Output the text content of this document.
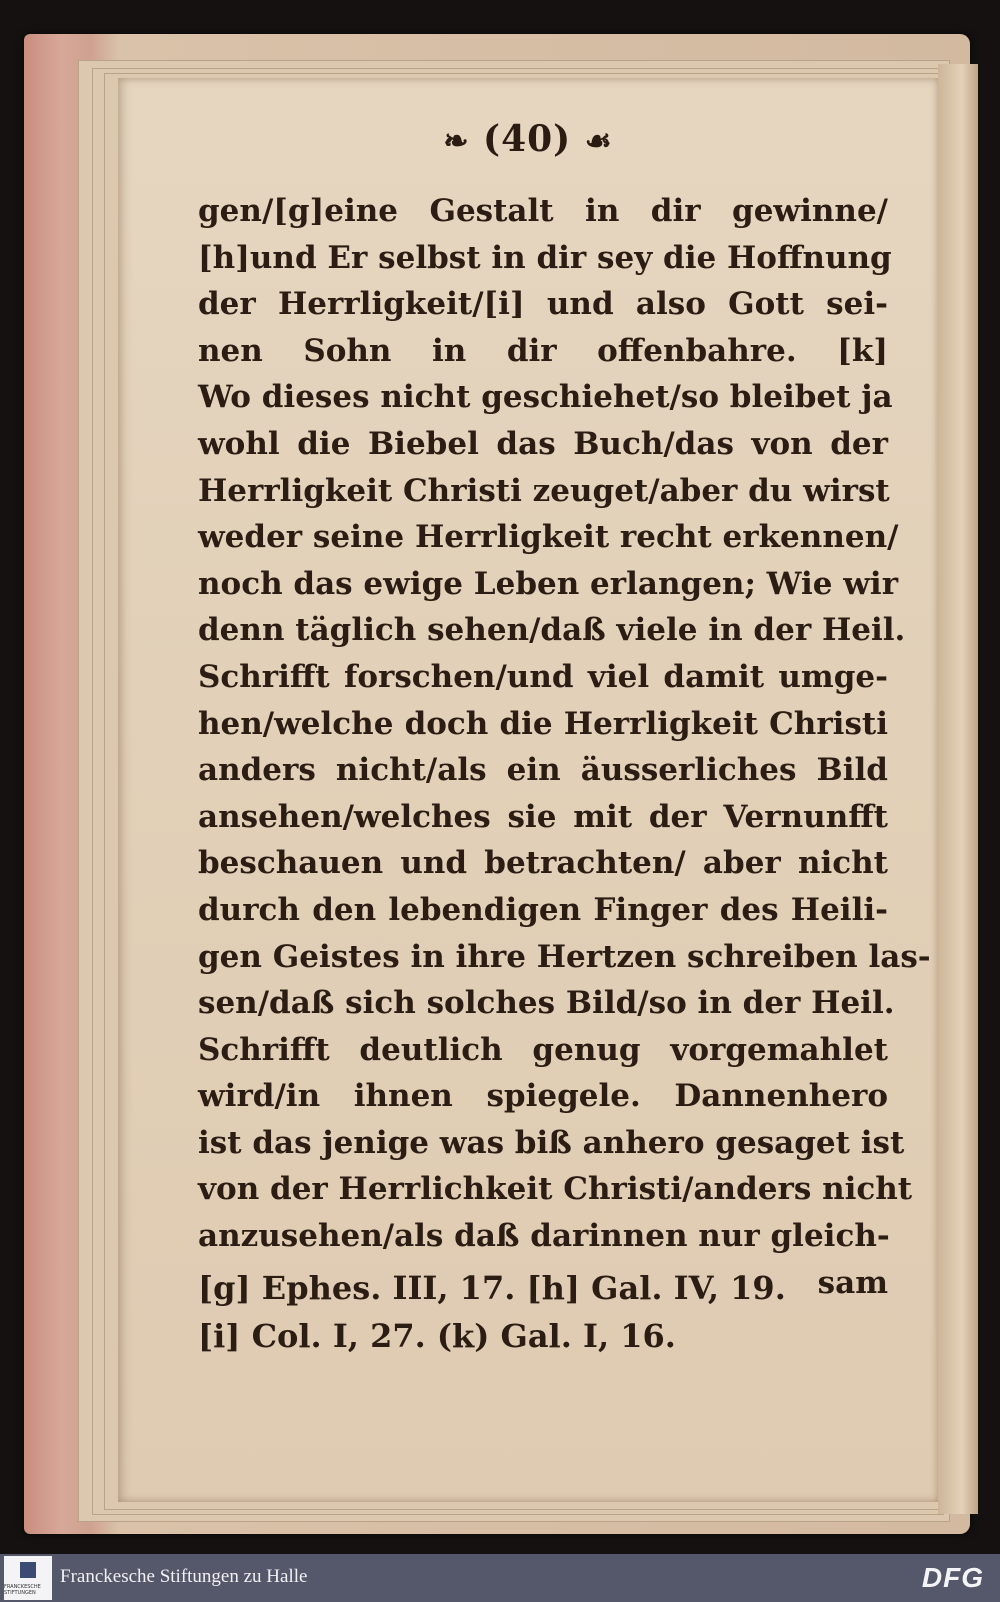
❧ (40) ☙
gen/[g]eine Gestalt in dir gewinne/
[h]und Er selbst in dir sey die Hoffnung
der Herrligkeit/[i] und also Gott sei-
nen Sohn in dir offenbahre. [k]
Wo dieses nicht geschiehet/so bleibet ja
wohl die Biebel das Buch/das von der
Herrligkeit Christi zeuget/aber du wirst
weder seine Herrligkeit recht erkennen/
noch das ewige Leben erlangen; Wie wir
denn täglich sehen/daß viele in der Heil.
Schrifft forschen/und viel damit umge-
hen/welche doch die Herrligkeit Christi
anders nicht/als ein äusserliches Bild
ansehen/welches sie mit der Vernunfft
beschauen und betrachten/ aber nicht
durch den lebendigen Finger des Heili-
gen Geistes in ihre Hertzen schreiben las-
sen/daß sich solches Bild/so in der Heil.
Schrifft deutlich genug vorgemahlet
wird/in ihnen spiegele. Dannenhero
ist das jenige was biß anhero gesaget ist
von der Herrlichkeit Christi/anders nicht
anzusehen/als daß darinnen nur gleich-
sam
[g] Ephes. III, 17. [h] Gal. IV, 19.
[i] Col. I, 27. (k) Gal. I, 16.
FRANCKESCHE STIFTUNGEN
Franckesche Stiftungen zu Halle	DFG
